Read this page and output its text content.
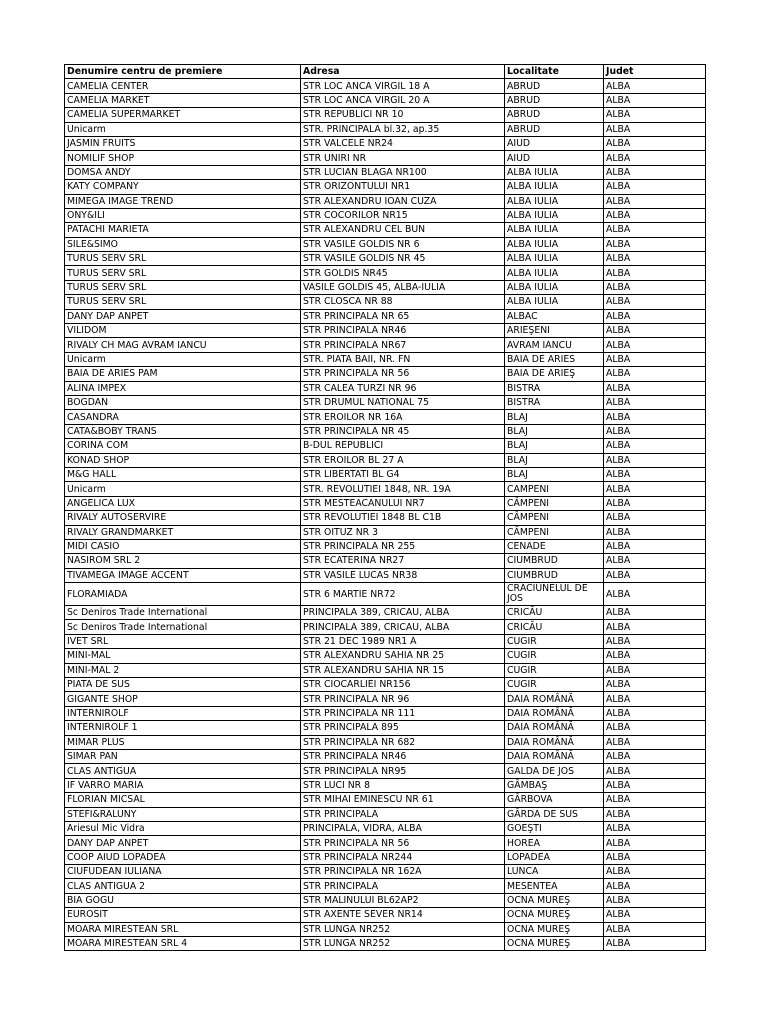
Denumire centru de premiere	Adresa	Localitate	Judet
CAMELIA CENTER	STR LOC ANCA VIRGIL 18 A	ABRUD	ALBA
CAMELIA MARKET	STR LOC ANCA VIRGIL 20 A	ABRUD	ALBA
CAMELIA SUPERMARKET	STR REPUBLICI NR 10	ABRUD	ALBA
Unicarm	STR. PRINCIPALA bl.32, ap.35	ABRUD	ALBA
JASMIN FRUITS	STR VALCELE NR24	AIUD	ALBA
NOMILIF SHOP	STR UNIRI NR	AIUD	ALBA
DOMSA ANDY	STR LUCIAN BLAGA NR100	ALBA IULIA	ALBA
KATY COMPANY	STR ORIZONTULUI NR1	ALBA IULIA	ALBA
MIMEGA IMAGE TREND	STR ALEXANDRU IOAN CUZA	ALBA IULIA	ALBA
ONY&ILI	STR COCORILOR NR15	ALBA IULIA	ALBA
PATACHI MARIETA	STR ALEXANDRU CEL BUN	ALBA IULIA	ALBA
SILE&SIMO	STR VASILE GOLDIS NR 6	ALBA IULIA	ALBA
TURUS SERV SRL	STR VASILE GOLDIS NR 45	ALBA IULIA	ALBA
TURUS SERV SRL	STR GOLDIS NR45	ALBA IULIA	ALBA
TURUS SERV SRL	VASILE GOLDIS 45, ALBA-IULIA	ALBA IULIA	ALBA
TURUS SERV SRL	STR CLOSCA NR 88	ALBA IULIA	ALBA
DANY DAP ANPET	STR PRINCIPALA NR 65	ALBAC	ALBA
VILIDOM	STR PRINCIPALA NR46	ARIEŞENI	ALBA
RIVALY CH MAG AVRAM IANCU	STR PRINCIPALA NR67	AVRAM IANCU	ALBA
Unicarm	STR. PIATA BAII, NR. FN	BAIA DE ARIES	ALBA
BAIA DE ARIES PAM	STR PRINCIPALA NR 56	BAIA DE ARIEŞ	ALBA
ALINA IMPEX	STR CALEA TURZI NR 96	BISTRA	ALBA
BOGDAN	STR DRUMUL NATIONAL 75	BISTRA	ALBA
CASANDRA	STR EROILOR NR 16A	BLAJ	ALBA
CATA&BOBY TRANS	STR PRINCIPALA NR 45	BLAJ	ALBA
CORINA COM	B-DUL REPUBLICI	BLAJ	ALBA
KONAD SHOP	STR EROILOR BL 27 A	BLAJ	ALBA
M&G HALL	STR LIBERTATI BL G4	BLAJ	ALBA
Unicarm	STR. REVOLUTIEI 1848, NR. 19A	CAMPENI	ALBA
ANGELICA LUX	STR MESTEACANULUI NR7	CÂMPENI	ALBA
RIVALY AUTOSERVIRE	STR REVOLUTIEI 1848 BL C1B	CÂMPENI	ALBA
RIVALY GRANDMARKET	STR OITUZ NR 3	CÂMPENI	ALBA
MIDI CASIO	STR PRINCIPALA NR 255	CENADE	ALBA
NASIROM SRL 2	STR ECATERINA NR27	CIUMBRUD	ALBA
TIVAMEGA IMAGE ACCENT	STR VASILE LUCAS NR38	CIUMBRUD	ALBA
FLORAMIADA	STR 6 MARTIE NR72	CRĂCIUNELUL DE JOS	ALBA
Sc Deniros Trade International	PRINCIPALA 389, CRICAU, ALBA	CRICĂU	ALBA
Sc Deniros Trade International	PRINCIPALA 389, CRICAU, ALBA	CRICĂU	ALBA
IVET SRL	STR 21 DEC 1989 NR1 A	CUGIR	ALBA
MINI-MAL	STR ALEXANDRU SAHIA NR 25	CUGIR	ALBA
MINI-MAL 2	STR ALEXANDRU SAHIA NR 15	CUGIR	ALBA
PIATA DE SUS	STR CIOCARLIEI NR156	CUGIR	ALBA
GIGANTE SHOP	STR PRINCIPALA NR 96	DAIA ROMÂNĂ	ALBA
INTERNIROLF	STR PRINCIPALA NR 111	DAIA ROMÂNĂ	ALBA
INTERNIROLF 1	STR PRINCIPALA 895	DAIA ROMÂNĂ	ALBA
MIMAR PLUS	STR PRINCIPALA NR 682	DAIA ROMÂNĂ	ALBA
SIMAR PAN	STR PRINCIPALA NR46	DAIA ROMÂNĂ	ALBA
CLAS ANTIGUA	STR PRINCIPALA NR95	GALDA DE JOS	ALBA
IF VARRO MARIA	STR LUCI NR 8	GÂMBAŞ	ALBA
FLORIAN MICSAL	STR MIHAI EMINESCU NR 61	GÂRBOVA	ALBA
STEFI&RALUNY	STR PRINCIPALA	GÂRDA DE SUS	ALBA
Ariesul Mic Vidra	PRINCIPALA, VIDRA, ALBA	GOEŞTI	ALBA
DANY DAP ANPET	STR PRINCIPALA NR 56	HOREA	ALBA
COOP AIUD LOPADEA	STR PRINCIPALA NR244	LOPADEA	ALBA
CIUFUDEAN IULIANA	STR PRINCIPALA NR 162A	LUNCA	ALBA
CLAS ANTIGUA 2	STR PRINCIPALA	MESENTEA	ALBA
BIA GOGU	STR MALINULUI BL62AP2	OCNA MUREŞ	ALBA
EUROSIT	STR AXENTE SEVER NR14	OCNA MUREŞ	ALBA
MOARA MIRESTEAN SRL	STR LUNGA NR252	OCNA MUREŞ	ALBA
MOARA MIRESTEAN SRL 4	STR LUNGA NR252	OCNA MUREŞ	ALBA
